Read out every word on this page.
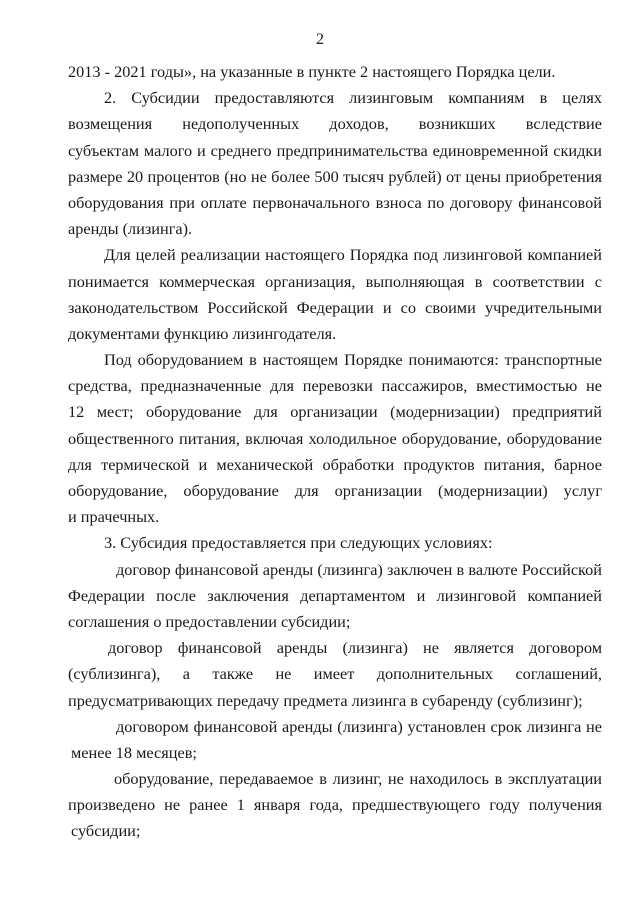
2
2013 - 2021 годы», на указанные в пункте 2 настоящего Порядка цели.
2. Субсидии предоставляются лизинговым компаниям в целях
возмещения недополученных доходов, возникших вследствие
субъектам малого и среднего предпринимательства единовременной скидки
размере 20 процентов (но не более 500 тысяч рублей) от цены приобретения
оборудования при оплате первоначального взноса по договору финансовой
аренды (лизинга).
Для целей реализации настоящего Порядка под лизинговой компанией
понимается коммерческая организация, выполняющая в соответствии с
законодательством Российской Федерации и со своими учредительными
документами функцию лизингодателя.
Под оборудованием в настоящем Порядке понимаются: транспортные
средства, предназначенные для перевозки пассажиров, вместимостью не
12 мест; оборудование для организации (модернизации) предприятий
общественного питания, включая холодильное оборудование, оборудование
для термической и механической обработки продуктов питания, барное
оборудование, оборудование для организации (модернизации) услуг
и прачечных.
3. Субсидия предоставляется при следующих условиях:
договор финансовой аренды (лизинга) заключен в валюте Российской
Федерации после заключения департаментом и лизинговой компанией
соглашения о предоставлении субсидии;
договор финансовой аренды (лизинга) не является договором
(сублизинга), а также не имеет дополнительных соглашений,
предусматривающих передачу предмета лизинга в субаренду (сублизинг);
договором финансовой аренды (лизинга) установлен срок лизинга не
менее 18 месяцев;
оборудование, передаваемое в лизинг, не находилось в эксплуатации
произведено не ранее 1 января года, предшествующего году получения
субсидии;
